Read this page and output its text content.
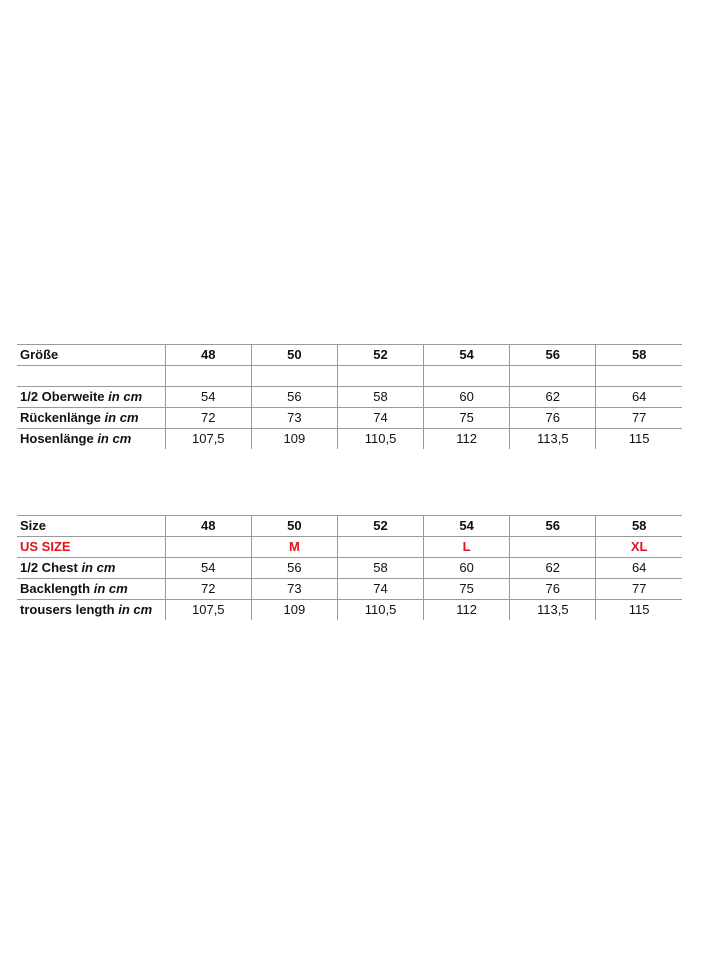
Größe	48	50	52	54	56	58

1/2 Oberweite in cm	54	56	58	60	62	64
Rückenlänge in cm	72	73	74	75	76	77
Hosenlänge in cm	107,5	109	110,5	112	113,5	115
Size	48	50	52	54	56	58
US SIZE		M		L		XL
1/2 Chest in cm	54	56	58	60	62	64
Backlength in cm	72	73	74	75	76	77
trousers length in cm	107,5	109	110,5	112	113,5	115
